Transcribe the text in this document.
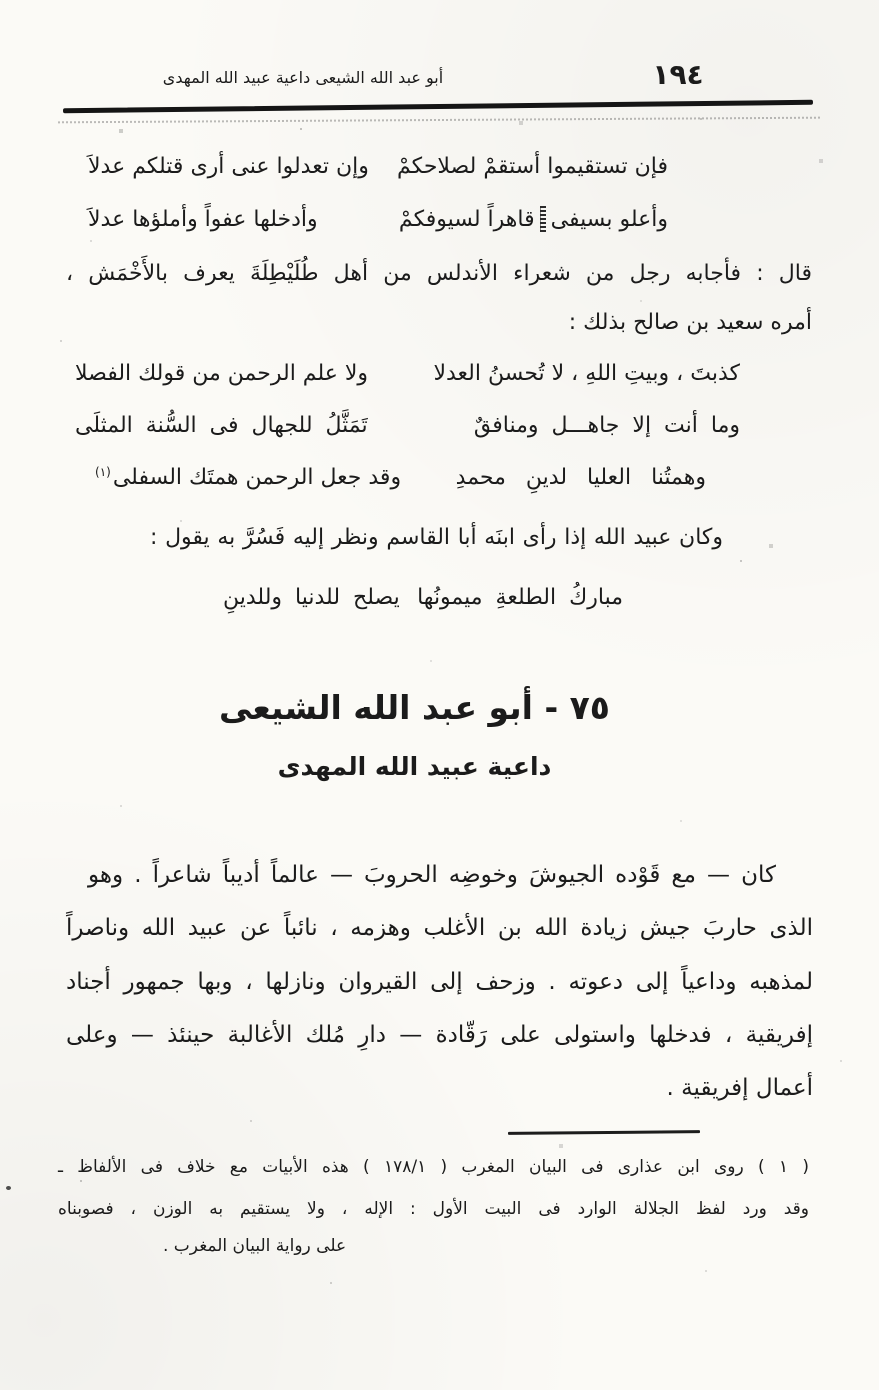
أبو عبد الله الشيعى داعية عبيد الله المهدى	١٩٤
فإن تستقيموا أستقمْ لصلاحكمْ
وإن تعدلوا عنى أرى قتلكم عدلاَ
وأعلو بسيفىقاهراً لسيوفكمْ
وأدخلها عفواً وأملؤها عدلاَ
قال : فأجابه رجل من شعراء الأندلس من أهل طُلَيْطِلَةَ يعرف بالأَخْمَش ،
أمره سعيد بن صالح بذلك :
كذبتَ ، وبيتِ اللهِ ، لا تُحسنُ العدلا
ولا علم الرحمن من قولك الفصلا
وما أنت إلا جاهـــل ومنافقٌ
تَمَثَّلُ للجهال فى السُّنة المثلَى
وهمتُنا العليا لدينِ محمدِ
وقد جعل الرحمن همتَك السفلى$^{(١)}$
وكان عبيد الله إذا رأى ابنَه أبا القاسم ونظر إليه فَسُرَّ به يقول :
مباركُ الطلعةِ ميمونُها
يصلح للدنيا وللدينِ
٧٥ - أبو عبد الله الشيعى
داعية عبيد الله المهدى
كان — مع قَوْده الجيوشَ وخوضِه الحروبَ — عالماً أديباً شاعراً . وهو
الذى حاربَ جيش زيادة الله بن الأغلب وهزمه ، نائباً عن عبيد الله وناصراً
لمذهبه وداعياً إلى دعوته . وزحف إلى القيروان ونازلها ، وبها جمهور أجناد
إفريقية ، فدخلها واستولى على رَقّادة — دارِ مُلك الأغالبة حينئذ — وعلى
أعمال إفريقية .
( ١ ) روى ابن عذارى فى البيان المغرب ( ١٧٨/١ ) هذه الأبيات مع خلاف فى الألفاظ ـ
وقد ورد لفظ الجلالة الوارد فى البيت الأول : الإله ، ولا يستقيم به الوزن ، فصوبناه
على رواية البيان المغرب .
